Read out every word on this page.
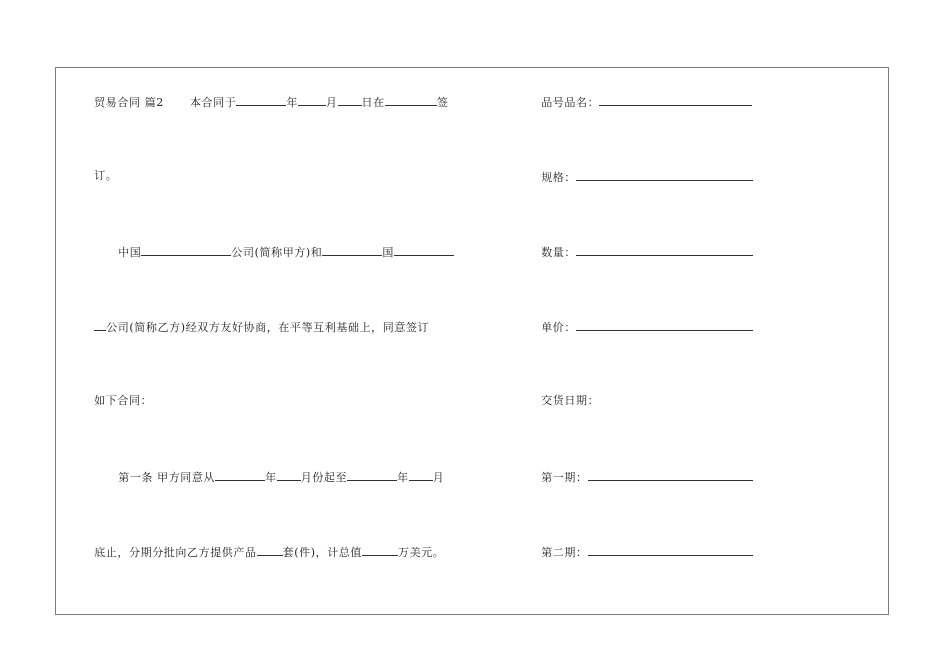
贸易合同 篇2 本合同于	年	月 日在	签

订。

中国	公司(简称甲方)和	国

公司(简称乙方)经双方友好协商，在平等互利基础上，同意签订

如下合同：

第一条 甲方同意从	年 月份起至	年 月

底止，分期分批向乙方提供产品 套(件)，计总值	万美元。

品号品名：

规格：

数量：

单价：

交货日期：

第一期：

第二期：
